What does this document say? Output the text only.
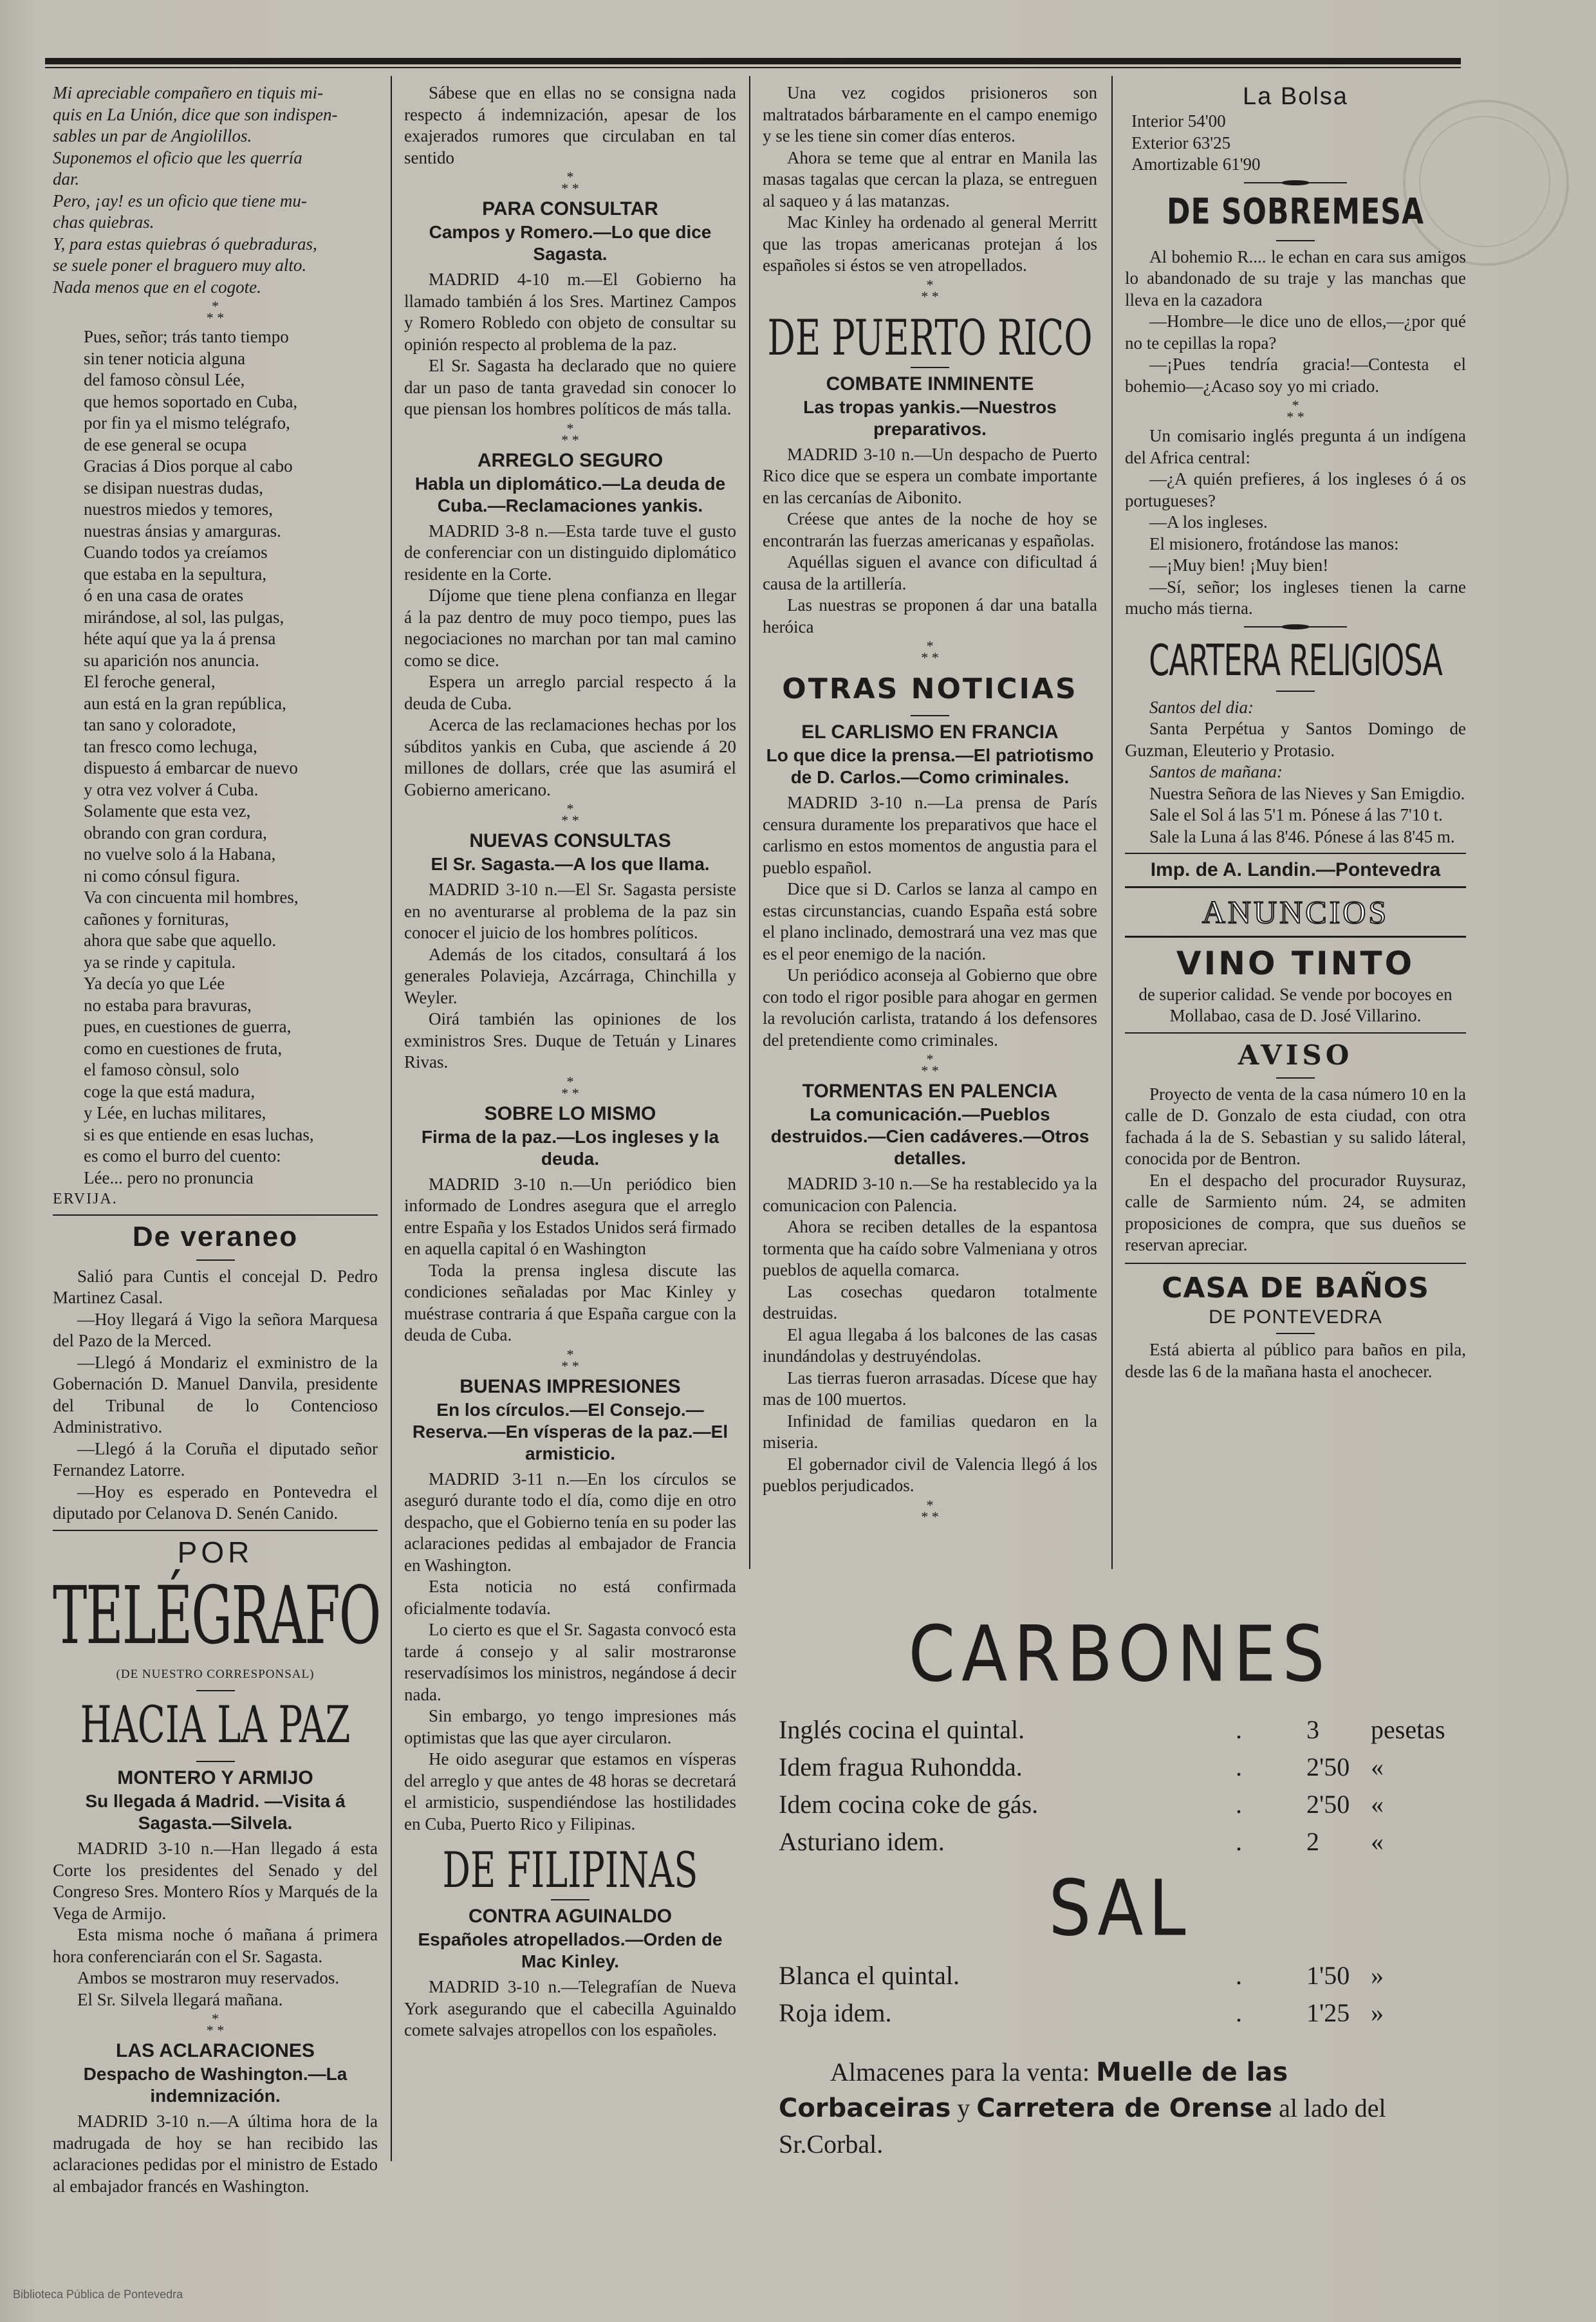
Mi apreciable compañero en tiquis mi-

quis en La Unión, dice que son indispen-

sables un par de Angiolillos.

Suponemos el oficio que les querría

dar.

Pero, ¡ay! es un oficio que tiene mu-

chas quiebras.

Y, para estas quiebras ó quebraduras,

se suele poner el braguero muy alto.

Nada menos que en el cogote.

*
* *

Pues, señor; trás tanto tiempo

sin tener noticia alguna

del famoso cònsul Lée,

que hemos soportado en Cuba,

por fin ya el mismo telégrafo,

de ese general se ocupa

Gracias á Dios porque al cabo

se disipan nuestras dudas,

nuestros miedos y temores,

nuestras ánsias y amarguras.

Cuando todos ya creíamos

que estaba en la sepultura,

ó en una casa de orates

mirándose, al sol, las pulgas,

héte aquí que ya la á prensa

su aparición nos anuncia.

El feroche general,

aun está en la gran república,

tan sano y coloradote,

tan fresco como lechuga,

dispuesto á embarcar de nuevo

y otra vez volver á Cuba.

Solamente que esta vez,

obrando con gran cordura,

no vuelve solo á la Habana,

ni como cónsul figura.

Va con cincuenta mil hombres,

cañones y fornituras,

ahora que sabe que aquello.

ya se rinde y capitula.

Ya decía yo que Lée

no estaba para bravuras,

pues, en cuestiones de guerra,

como en cuestiones de fruta,

el famoso cònsul, solo

coge la que está madura,

y Lée, en luchas militares,

si es que entiende en esas luchas,

es como el burro del cuento:

Lée... pero no pronuncia

ERVIJA.

De veraneo

Salió para Cuntis el concejal D. Pedro Martinez Casal.

—Hoy llegará á Vigo la señora Marquesa del Pazo de la Merced.

—Llegó á Mondariz el exministro de la Gobernación D. Manuel Danvila, presidente del Tribunal de lo Contencioso Administrativo.

—Llegó á la Coruña el diputado señor Fernandez Latorre.

—Hoy es esperado en Pontevedra el diputado por Celanova D. Senén Canido.

POR
TELÉGRAFO
(DE NUESTRO CORRESPONSAL)
HACIA LA PAZ
MONTERO Y ARMIJO
Su llegada á Madrid. —Visita á Sagasta.—Silvela.

MADRID 3-10 n.—Han llegado á esta Corte los presidentes del Senado y del Congreso Sres. Montero Ríos y Marqués de la Vega de Armijo.

Esta misma noche ó mañana á primera hora conferenciarán con el Sr. Sagasta.

Ambos se mostraron muy reservados.

El Sr. Silvela llegará mañana.

*
* *
LAS ACLARACIONES
Despacho de Washington.—La indemnización.

MADRID 3-10 n.—A última hora de la madrugada de hoy se han recibido las aclaraciones pedidas por el ministro de Estado al embajador francés en Washington.

Sábese que en ellas no se consigna nada respecto á indemnización, apesar de los exajerados rumores que circulaban en tal sentido

*
* *
PARA CONSULTAR
Campos y Romero.—Lo que dice Sagasta.

MADRID 4-10 m.—El Gobierno ha llamado también á los Sres. Martinez Campos y Romero Robledo con objeto de consultar su opinión respecto al problema de la paz.

El Sr. Sagasta ha declarado que no quiere dar un paso de tanta gravedad sin conocer lo que piensan los hombres políticos de más talla.

*
* *
ARREGLO SEGURO
Habla un diplomático.—La deuda de Cuba.—Reclamaciones yankis.

MADRID 3-8 n.—Esta tarde tuve el gusto de conferenciar con un distinguido diplomático residente en la Corte.

Díjome que tiene plena confianza en llegar á la paz dentro de muy poco tiempo, pues las negociaciones no marchan por tan mal camino como se dice.

Espera un arreglo parcial respecto á la deuda de Cuba.

Acerca de las reclamaciones hechas por los súbditos yankis en Cuba, que asciende á 20 millones de dollars, crée que las asumirá el Gobierno americano.

*
* *
NUEVAS CONSULTAS
El Sr. Sagasta.—A los que llama.

MADRID 3-10 n.—El Sr. Sagasta persiste en no aventurarse al problema de la paz sin conocer el juicio de los hombres políticos.

Además de los citados, consultará á los generales Polavieja, Azcárraga, Chinchilla y Weyler.

Oirá también las opiniones de los exministros Sres. Duque de Tetuán y Linares Rivas.

*
* *
SOBRE LO MISMO
Firma de la paz.—Los ingleses y la deuda.

MADRID 3-10 n.—Un periódico bien informado de Londres asegura que el arreglo entre España y los Estados Unidos será firmado en aquella capital ó en Washington

Toda la prensa inglesa discute las condiciones señaladas por Mac Kinley y muéstrase contraria á que España cargue con la deuda de Cuba.

*
* *
BUENAS IMPRESIONES
En los círculos.—El Consejo.—Reserva.—En vísperas de la paz.—El armisticio.

MADRID 3-11 n.—En los círculos se aseguró durante todo el día, como dije en otro despacho, que el Gobierno tenía en su poder las aclaraciones pedidas al embajador de Francia en Washington.

Esta noticia no está confirmada oficialmente todavía.

Lo cierto es que el Sr. Sagasta convocó esta tarde á consejo y al salir mostraronse reservadísimos los ministros, negándose á decir nada.

Sin embargo, yo tengo impresiones más optimistas que las que ayer circularon.

He oido asegurar que estamos en vísperas del arreglo y que antes de 48 horas se decretará el armisticio, suspendiéndose las hostilidades en Cuba, Puerto Rico y Filipinas.

DE FILIPINAS
CONTRA AGUINALDO
Españoles atropellados.—Orden de Mac Kinley.

MADRID 3-10 n.—Telegrafían de Nueva York asegurando que el cabecilla Aguinaldo comete salvajes atropellos con los españoles.

Una vez cogidos prisioneros son maltratados bárbaramente en el campo enemigo y se les tiene sin comer días enteros.

Ahora se teme que al entrar en Manila las masas tagalas que cercan la plaza, se entreguen al saqueo y á las matanzas.

Mac Kinley ha ordenado al general Merritt que las tropas americanas protejan á los españoles si éstos se ven atropellados.

*
* *
DE PUERTO RICO
COMBATE INMINENTE
Las tropas yankis.—Nuestros preparativos.

MADRID 3-10 n.—Un despacho de Puerto Rico dice que se espera un combate importante en las cercanías de Aibonito.

Créese que antes de la noche de hoy se encontrarán las fuerzas americanas y españolas.

Aquéllas siguen el avance con dificultad á causa de la artillería.

Las nuestras se proponen á dar una batalla heróica

*
* *
OTRAS NOTICIAS
EL CARLISMO EN FRANCIA
Lo que dice la prensa.—El patriotismo de D. Carlos.—Como criminales.

MADRID 3-10 n.—La prensa de París censura duramente los preparativos que hace el carlismo en estos momentos de angustia para el pueblo español.

Dice que si D. Carlos se lanza al campo en estas circunstancias, cuando España está sobre el plano inclinado, demostrará una vez mas que es el peor enemigo de la nación.

Un periódico aconseja al Gobierno que obre con todo el rigor posible para ahogar en germen la revolución carlista, tratando á los defensores del pretendiente como criminales.

*
* *
TORMENTAS EN PALENCIA
La comunicación.—Pueblos destruidos.—Cien cadáveres.—Otros detalles.

MADRID 3-10 n.—Se ha restablecido ya la comunicacion con Palencia.

Ahora se reciben detalles de la espantosa tormenta que ha caído sobre Valmeniana y otros pueblos de aquella comarca.

Las cosechas quedaron totalmente destruidas.

El agua llegaba á los balcones de las casas inundándolas y destruyéndolas.

Las tierras fueron arrasadas. Dícese que hay mas de 100 muertos.

Infinidad de familias quedaron en la miseria.

El gobernador civil de Valencia llegó á los pueblos perjudicados.

*
* *
La Bolsa

Interior 54'00

Exterior 63'25

Amortizable 61'90

DE SOBREMESA

Al bohemio R.... le echan en cara sus amigos lo abandonado de su traje y las manchas que lleva en la cazadora

—Hombre—le dice uno de ellos,—¿por qué no te cepillas la ropa?

—¡Pues tendría gracia!—Contesta el bohemio—¿Acaso soy yo mi criado.

*
* *

Un comisario inglés pregunta á un indígena del Africa central:

—¿A quién prefieres, á los ingleses ó á os portugueses?

—A los ingleses.

El misionero, frotándose las manos:

—¡Muy bien! ¡Muy bien!

—Sí, señor; los ingleses tienen la carne mucho más tierna.

CARTERA RELIGIOSA

Santos del dia:

Santa Perpétua y Santos Domingo de Guzman, Eleuterio y Protasio.

Santos de mañana:

Nuestra Señora de las Nieves y San Emigdio.

Sale el Sol á las 5'1 m. Pónese á las 7'10 t.

Sale la Luna á las 8'46. Pónese á las 8'45 m.

Imp. de A. Landin.—Pontevedra
ANUNCIOS
VINO TINTO

de superior calidad. Se vende por bocoyes en Mollabao, casa de D. José Villarino.

AVISO

Proyecto de venta de la casa número 10 en la calle de D. Gonzalo de esta ciudad, con otra fachada á la de S. Sebastian y su salido láteral, conocida por de Bentron.

En el despacho del procurador Ruysuraz, calle de Sarmiento núm. 24, se admiten proposiciones de compra, que sus dueños se reservan apreciar.

CASA DE BAÑOS
DE PONTEVEDRA

Está abierta al público para baños en pila, desde las 6 de la mañana hasta el anochecer.

CARBONES
Inglés cocina el quintal.	.	3 pesetas
Idem fragua Ruhondda.	.	2'50 «
Idem cocina coke de gás.	.	2'50 «
Asturiano idem.	.	2 «
SAL
Blanca el quintal.	.	1'50 »
Roja idem.	.	1'25 »
Almacenes para la venta: Muelle de las Corbaceiras y Carretera de Orense al lado del Sr.Corbal.
Biblioteca Pública de Pontevedra
